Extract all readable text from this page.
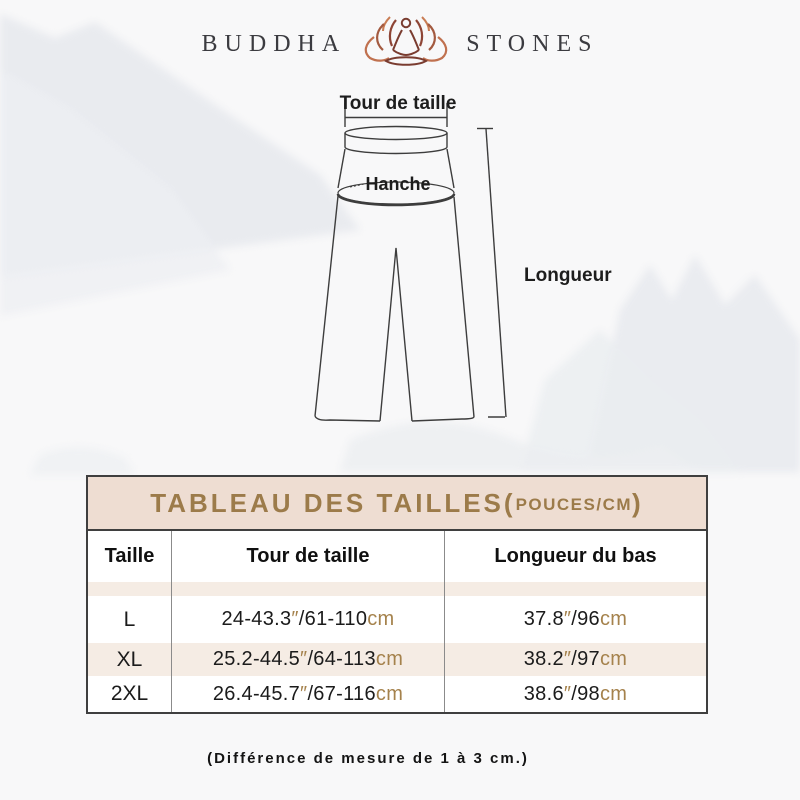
BUDDHA	STONES
Tour de taille
Hanche
Longueur
TABLEAU DES TAILLES ( POUCES/CM )
Taille	Tour de taille	Longueur du bas
L	24-43.3 ″ /61-110 cm	37.8 ″ /96 cm
XL	25.2-44.5 ″ /64-113 cm	38.2 ″ /97 cm
2XL	26.4-45.7 ″ /67-116 cm	38.6 ″ /98 cm
(Différence de mesure de 1 à 3 cm.)
